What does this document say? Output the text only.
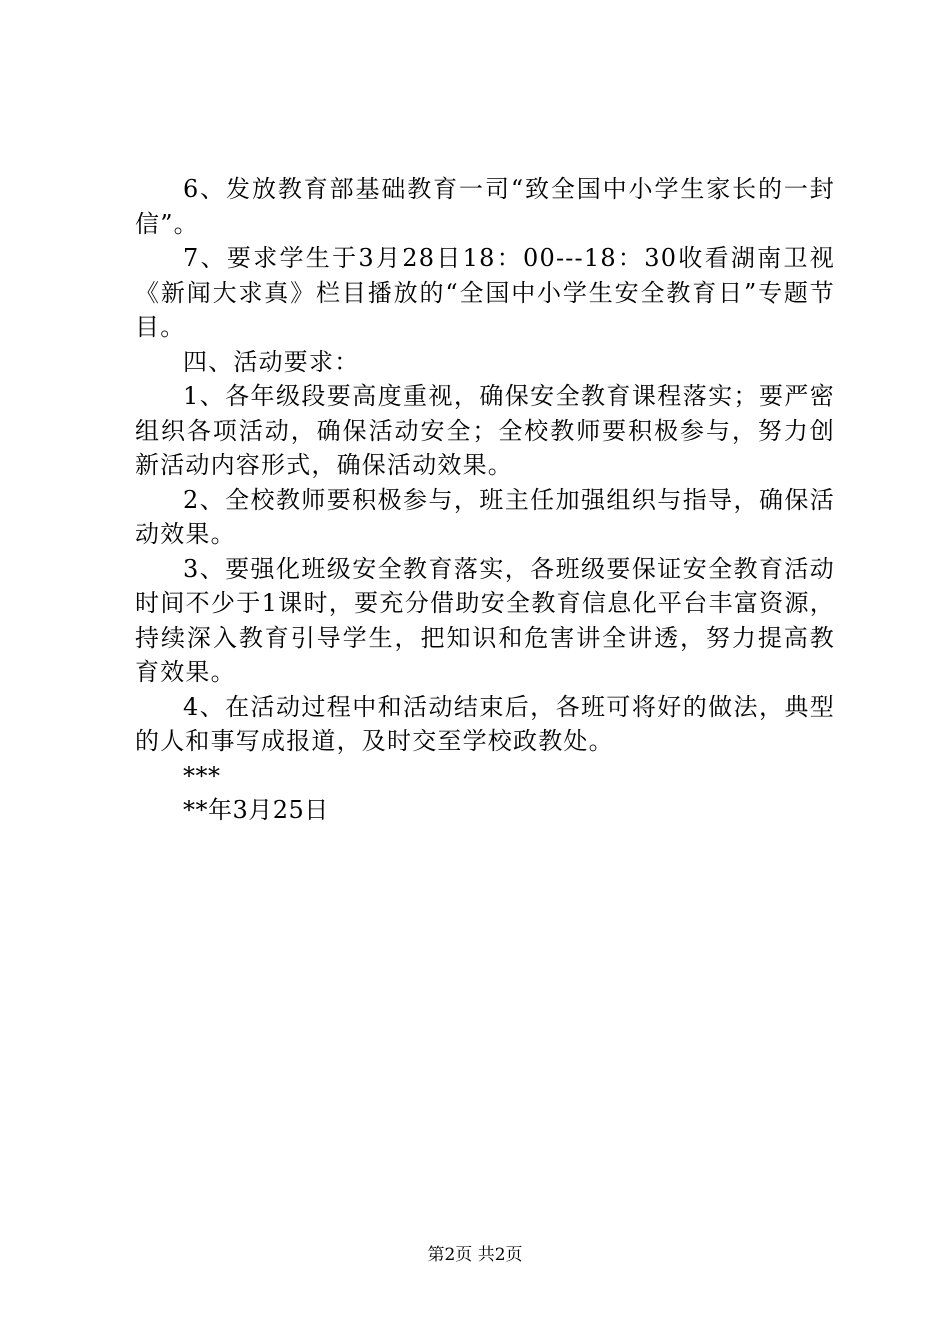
6、发放教育部基础教育一司“致全国中小学生家长的一封信”。

7、要求学生于3月28日18：00---18：30收看湖南卫视《新闻大求真》栏目播放的“全国中小学生安全教育日”专题节目。

四、活动要求：

1、各年级段要高度重视，确保安全教育课程落实；要严密组织各项活动，确保活动安全；全校教师要积极参与，努力创新活动内容形式，确保活动效果。

2、全校教师要积极参与，班主任加强组织与指导，确保活动效果。

3、要强化班级安全教育落实，各班级要保证安全教育活动时间不少于1课时，要充分借助安全教育信息化平台丰富资源，持续深入教育引导学生，把知识和危害讲全讲透，努力提高教育效果。

4、在活动过程中和活动结束后，各班可将好的做法，典型的人和事写成报道，及时交至学校政教处。

***

**年3月25日

第2页 共2页
